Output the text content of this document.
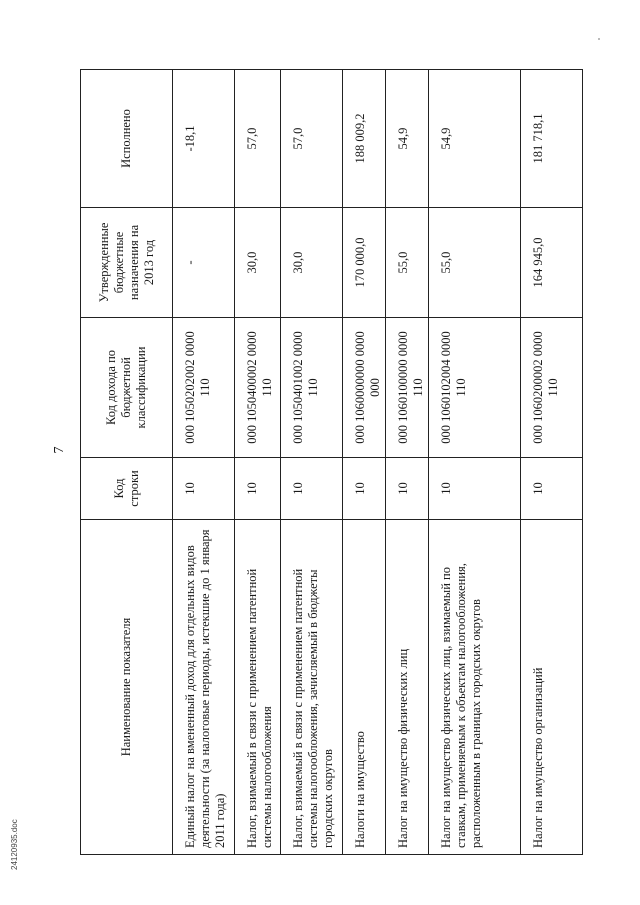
7
Наименование показателя	Код строки	Код дохода по бюджетной классификации	Утвержденные бюджетные назначения на 2013 год	Исполнено
Единый налог на вмененный доход для отдельных видов деятельности (за налоговые периоды, истекшие до 1 января 2011 года)	10	000 1050202002 0000 110	-	-18,1
Налог, взимаемый в связи с применением патентной системы налогообложения	10	000 1050400002 0000 110	30,0	57,0
Налог, взимаемый в связи с применением патентной системы налогообложения, зачисляемый в бюджеты городских округов	10	000 1050401002 0000 110	30,0	57,0
Налоги на имущество	10	000 1060000000 0000 000	170 000,0	188 009,2
Налог на имущество физических лиц	10	000 1060100000 0000 110	55,0	54,9
Налог на имущество физических лиц, взимаемый по ставкам, применяемым к объектам налогообложения, расположенным в границах городских округов	10	000 1060102004 0000 110	55,0	54,9
Налог на имущество организаций	10	000 1060200002 0000 110	164 945,0	181 718,1
24120935.doc
